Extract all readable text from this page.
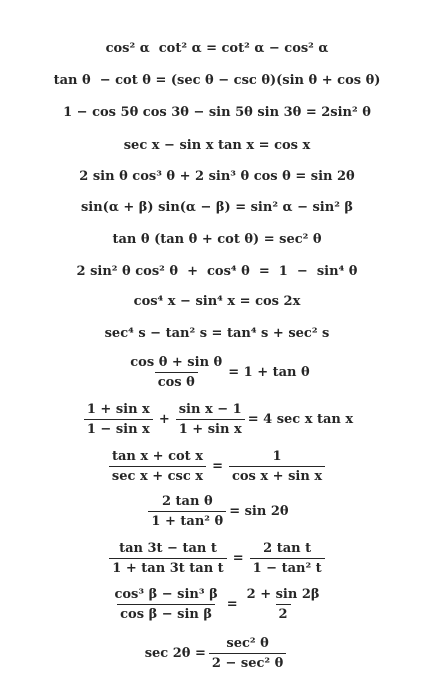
cos² α  cot² α = cot² α − cos² α
tan θ  − cot θ = (sec θ − csc θ)(sin θ + cos θ)
1 − cos 5θ cos 3θ − sin 5θ sin 3θ = 2sin² θ
sec x − sin x tan x = cos x
2 sin θ cos³ θ + 2 sin³ θ cos θ = sin 2θ
sin(α + β) sin(α − β) = sin² α − sin² β
tan θ (tan θ + cot θ) = sec² θ
2 sin² θ cos² θ  +  cos⁴ θ  =  1  −  sin⁴ θ
cos⁴ x − sin⁴ x = cos 2x
sec⁴ s − tan² s = tan⁴ s + sec² s
$\frac{\text{cos θ + sin θ}}{\text{cos θ}} = 1 + \tan \theta$
$\frac{\text{1 + sin x}}{\text{1 − sin x}} + \frac{\text{sin x − 1}}{\text{1 + sin x}} = 4$ sec x tan x
$\frac{\text{tan x + cot x}}{\text{sec x + csc x}} = \frac{1}{\text{cos x + sin x}}$
$\frac{\text{2 tan θ}}{\text{1 + tan² θ}} = \sin 2\theta$
$\frac{\text{tan 3t − tan t}}{\text{1 + tan 3t tan t}} = \frac{\text{2 tan t}}{\text{1 − tan² t}}$
$\frac{\text{cos³ β − sin³ β}}{\text{cos β − sin β}} = \frac{2 + \sin 2\beta}{2}$
$\sec 2\theta = \frac{\text{sec² θ}}{\text{2 − sec² θ}}$
